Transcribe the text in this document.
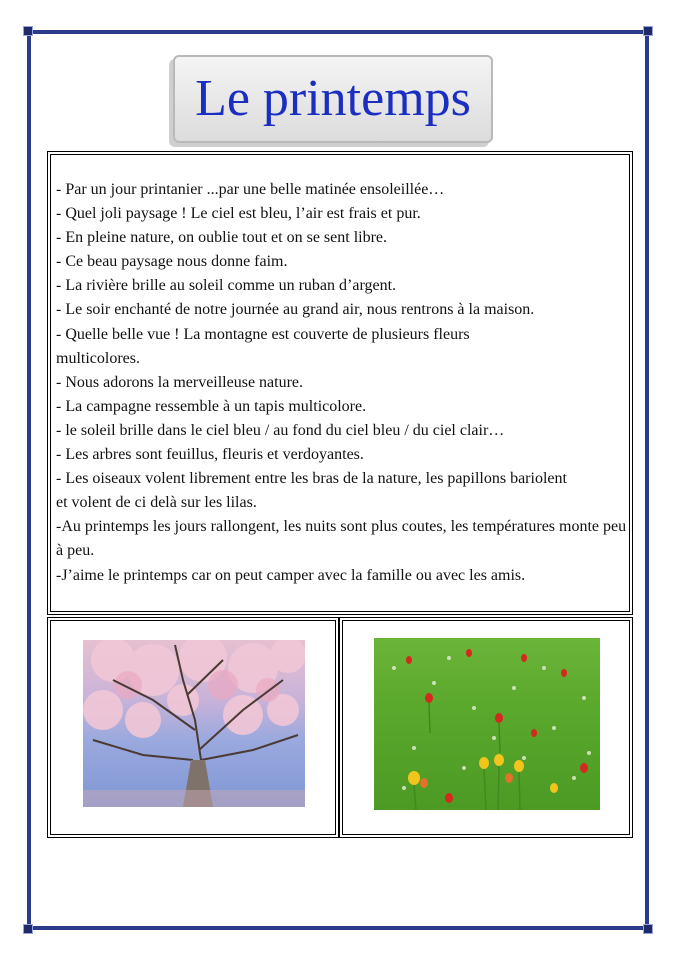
Le printemps
- Par un jour printanier ...par une belle matinée ensoleillée…
- Quel joli paysage ! Le ciel est bleu, l’air est frais et pur.
- En pleine nature, on oublie tout et on se sent libre.
- Ce beau paysage nous donne faim.
- La rivière brille au soleil comme un ruban d’argent.
- Le soir enchanté de notre journée au grand air, nous rentrons à la maison.
- Quelle belle vue ! La montagne est couverte de plusieurs fleurs multicolores.
- Nous adorons la merveilleuse nature.
- La campagne ressemble à un tapis multicolore.
- le soleil brille dans le ciel bleu / au fond du ciel bleu / du ciel clair…
- Les arbres sont feuillus, fleuris et verdoyantes.
- Les oiseaux volent librement entre les bras de la nature, les papillons bariolent et volent de ci delà sur les lilas.
-Au printemps les jours rallongent, les nuits sont plus coutes, les températures monte peu à peu.
-J’aime le printemps car on peut camper avec la famille ou avec les amis.
